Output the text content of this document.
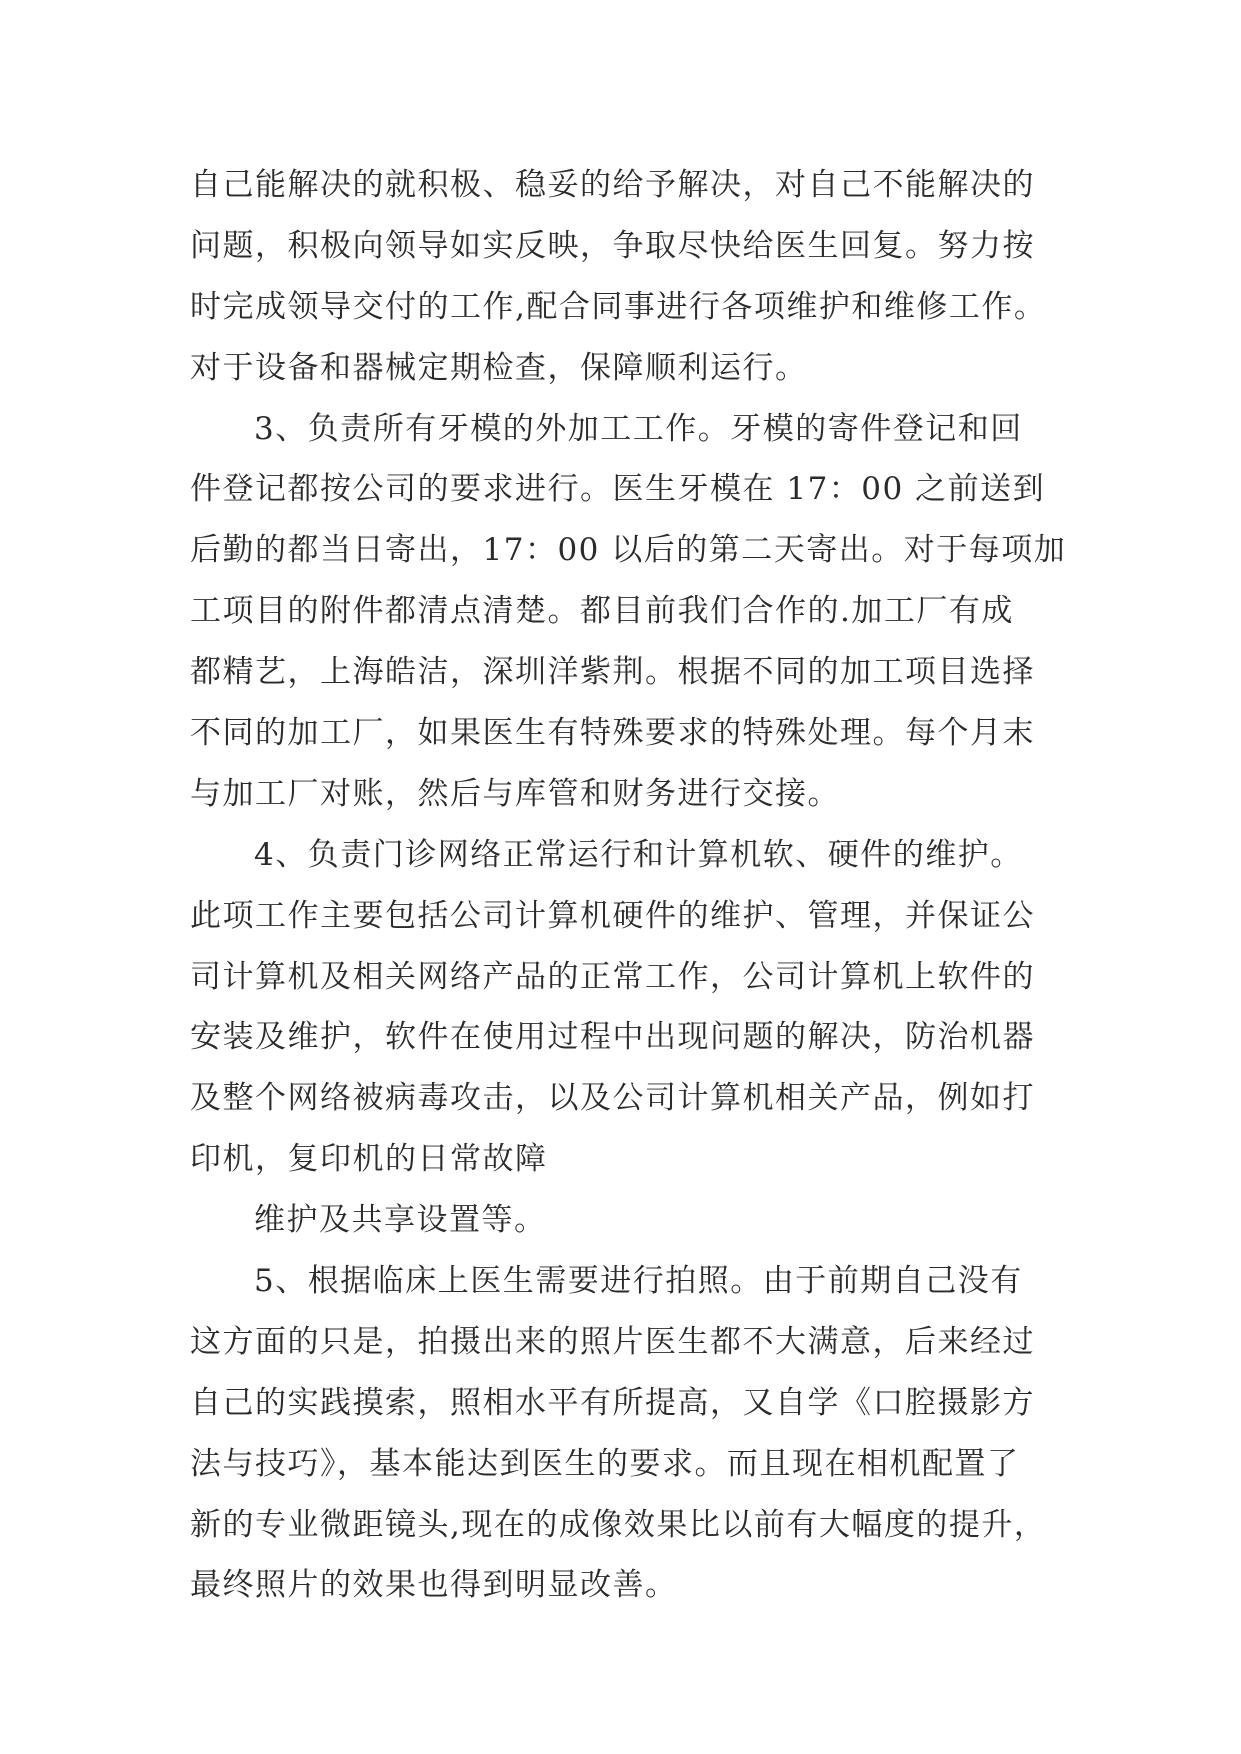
自己能解决的就积极、稳妥的给予解决，对自己不能解决的
问题，积极向领导如实反映，争取尽快给医生回复。努力按
时完成领导交付的工作,配合同事进行各项维护和维修工作。
对于设备和器械定期检查，保障顺利运行。
3、负责所有牙模的外加工工作。牙模的寄件登记和回
件登记都按公司的要求进行。医生牙模在 17：00 之前送到
后勤的都当日寄出，17：00 以后的第二天寄出。对于每项加
工项目的附件都清点清楚。都目前我们合作的.加工厂有成
都精艺，上海皓洁，深圳洋紫荆。根据不同的加工项目选择
不同的加工厂，如果医生有特殊要求的特殊处理。每个月末
与加工厂对账，然后与库管和财务进行交接。
4、负责门诊网络正常运行和计算机软、硬件的维护。
此项工作主要包括公司计算机硬件的维护、管理，并保证公
司计算机及相关网络产品的正常工作，公司计算机上软件的
安装及维护，软件在使用过程中出现问题的解决，防治机器
及整个网络被病毒攻击，以及公司计算机相关产品，例如打
印机，复印机的日常故障
维护及共享设置等。
5、根据临床上医生需要进行拍照。由于前期自己没有
这方面的只是，拍摄出来的照片医生都不大满意，后来经过
自己的实践摸索，照相水平有所提高，又自学《口腔摄影方
法与技巧》，基本能达到医生的要求。而且现在相机配置了
新的专业微距镜头,现在的成像效果比以前有大幅度的提升，
最终照片的效果也得到明显改善。
